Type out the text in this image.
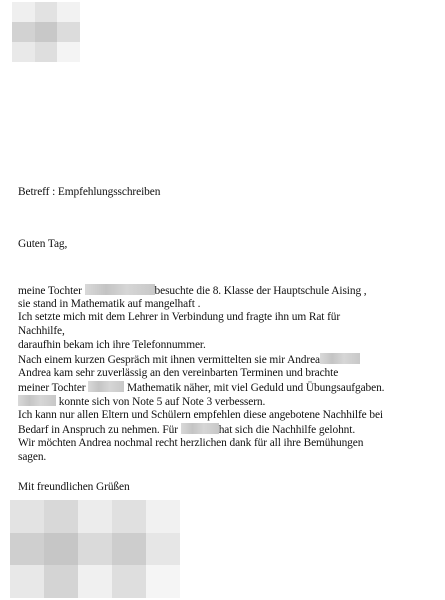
Betreff : Empfehlungsschreiben
Guten Tag,
meine Tochter	besuchte die 8. Klasse der Hauptschule Aising ,
sie stand in Mathematik auf mangelhaft .
Ich setzte mich mit dem Lehrer in Verbindung und fragte ihn um Rat für
Nachhilfe,
daraufhin bekam ich ihre Telefonnummer.
Nach einem kurzen Gespräch mit ihnen vermittelten sie mir Andrea
Andrea kam sehr zuverlässig an den vereinbarten Terminen und brachte
meiner Tochter	Mathematik näher, mit viel Geduld und Übungsaufgaben.
konnte sich von Note 5 auf Note 3 verbessern.
Ich kann nur allen Eltern und Schülern empfehlen diese angebotene Nachhilfe bei
Bedarf in Anspruch zu nehmen. Für	hat sich die Nachhilfe gelohnt.
Wir möchten Andrea nochmal recht herzlichen dank für all ihre Bemühungen
sagen.
Mit freundlichen Grüßen
